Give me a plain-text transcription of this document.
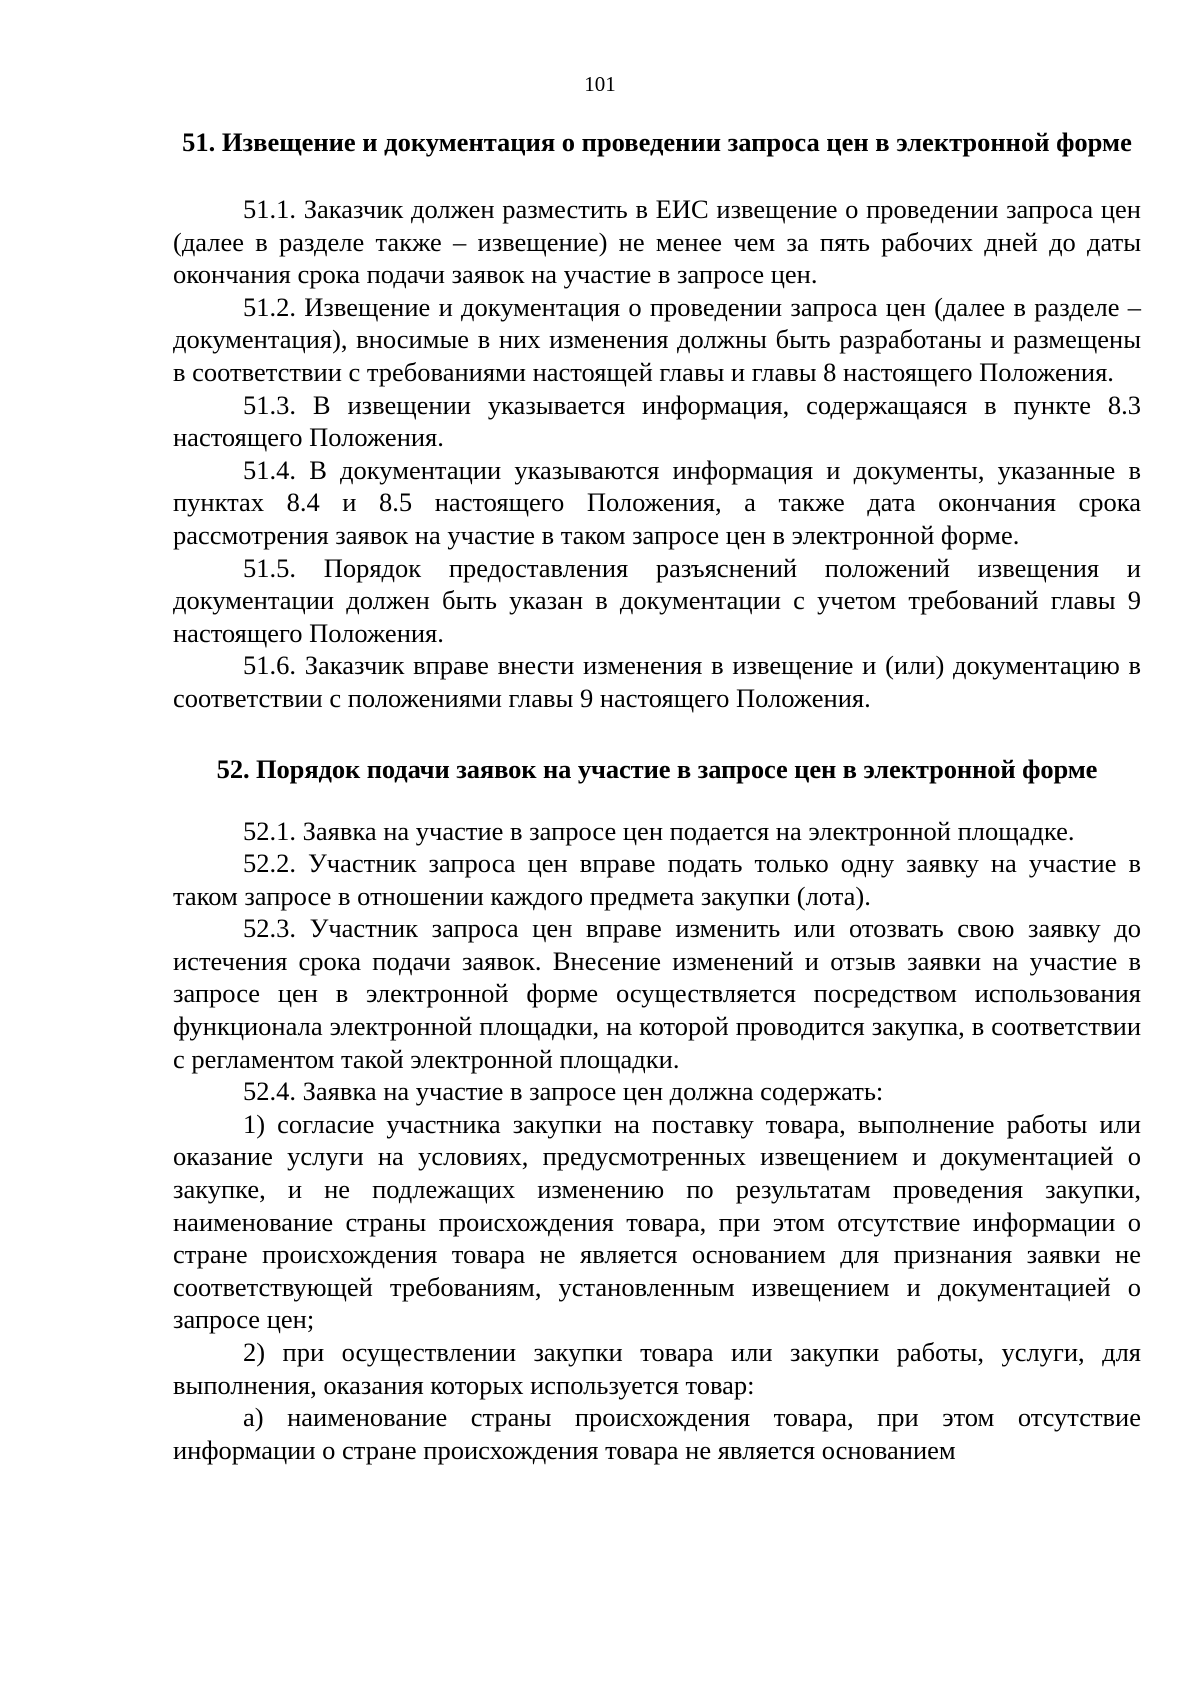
101
51. Извещение и документация о проведении запроса цен в электронной форме

51.1. Заказчик должен разместить в ЕИС извещение о проведении запроса цен (далее в разделе также – извещение) не менее чем за пять рабочих дней до даты окончания срока подачи заявок на участие в запросе цен.

51.2. Извещение и документация о проведении запроса цен (далее в разделе – документация), вносимые в них изменения должны быть разработаны и размещены в соответствии с требованиями настоящей главы и главы 8 настоящего Положения.

51.3. В извещении указывается информация, содержащаяся в пункте 8.3 настоящего Положения.

51.4. В документации указываются информация и документы, указанные в пунктах 8.4 и 8.5 настоящего Положения, а также дата окончания срока рассмотрения заявок на участие в таком запросе цен в электронной форме.

51.5. Порядок предоставления разъяснений положений извещения и документации должен быть указан в документации с учетом требований главы 9 настоящего Положения.

51.6. Заказчик вправе внести изменения в извещение и (или) документацию в соответствии с положениями главы 9 настоящего Положения.

52. Порядок подачи заявок на участие в запросе цен в электронной форме

52.1. Заявка на участие в запросе цен подается на электронной площадке.

52.2. Участник запроса цен вправе подать только одну заявку на участие в таком запросе в отношении каждого предмета закупки (лота).

52.3. Участник запроса цен вправе изменить или отозвать свою заявку до истечения срока подачи заявок. Внесение изменений и отзыв заявки на участие в запросе цен в электронной форме осуществляется посредством использования функционала электронной площадки, на которой проводится закупка, в соответствии с регламентом такой электронной площадки.

52.4. Заявка на участие в запросе цен должна содержать:

1) согласие участника закупки на поставку товара, выполнение работы или оказание услуги на условиях, предусмотренных извещением и документацией о закупке, и не подлежащих изменению по результатам проведения закупки, наименование страны происхождения товара, при этом отсутствие информации о стране происхождения товара не является основанием для признания заявки не соответствующей требованиям, установленным извещением и документацией о запросе цен;

2) при осуществлении закупки товара или закупки работы, услуги, для выполнения, оказания которых используется товар:

а) наименование страны происхождения товара, при этом отсутствие информации о стране происхождения товара не является основанием
